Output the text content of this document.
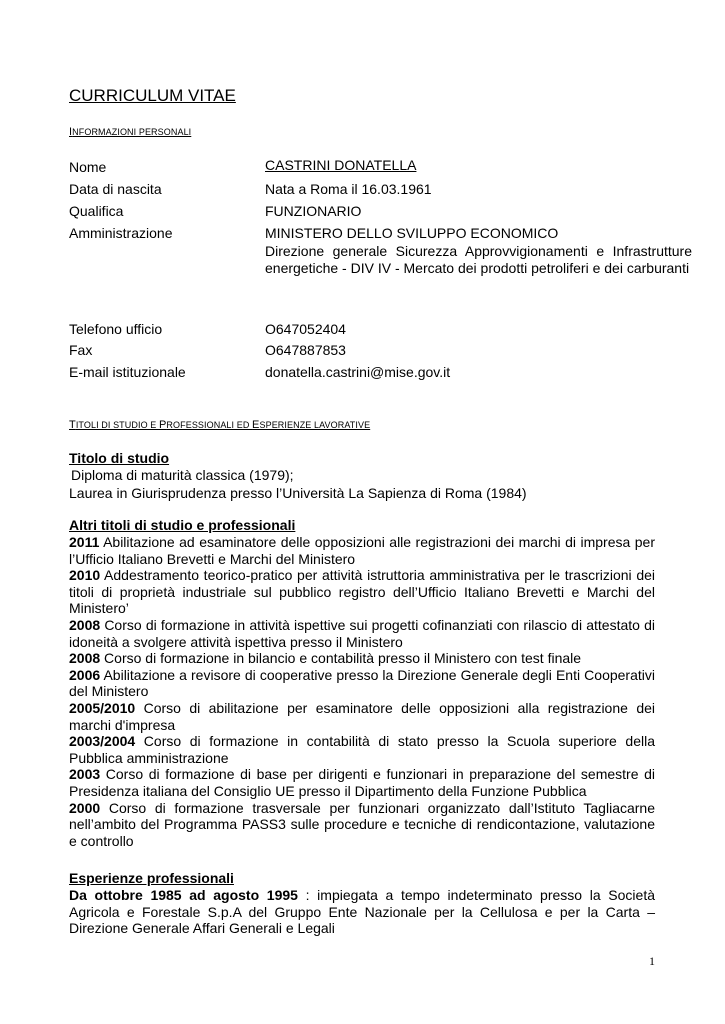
CURRICULUM VITAE
INFORMAZIONI PERSONALI
Nome	CASTRINI DONATELLA
Data di nascita	Nata a Roma il 16.03.1961
Qualifica	FUNZIONARIO
Amministrazione	MINISTERO DELLO SVILUPPO ECONOMICO
Direzione generale Sicurezza Approvvigionamenti e Infrastrutture energetiche - DIV IV - Mercato dei prodotti petroliferi e dei carburanti
Telefono ufficio	O647052404
Fax	O647887853
E-mail istituzionale	donatella.castrini@mise.gov.it
TITOLI DI STUDIO E PROFESSIONALI ED ESPERIENZE LAVORATIVE
Titolo di studio
Diploma di maturità classica (1979);
Laurea in Giurisprudenza presso l’Università La Sapienza di Roma (1984)
Altri titoli di studio e professionali
2011 Abilitazione ad esaminatore delle opposizioni alle registrazioni dei marchi di impresa per l’Ufficio Italiano Brevetti e Marchi del Ministero
2010 Addestramento teorico-pratico per attività istruttoria amministrativa per le trascrizioni dei titoli di proprietà industriale sul pubblico registro dell’Ufficio Italiano Brevetti e Marchi del Ministero’
2008 Corso di formazione in attività ispettive sui progetti cofinanziati con rilascio di attestato di idoneità a svolgere attività ispettiva presso il Ministero
2008 Corso di formazione in bilancio e contabilità presso il Ministero con test finale
2006 Abilitazione a revisore di cooperative presso la Direzione Generale degli Enti Cooperativi del Ministero
2005/2010 Corso di abilitazione per esaminatore delle opposizioni alla registrazione dei marchi d'impresa
2003/2004 Corso di formazione in contabilità di stato presso la Scuola superiore della Pubblica amministrazione
2003 Corso di formazione di base per dirigenti e funzionari in preparazione del semestre di Presidenza italiana del Consiglio UE presso il Dipartimento della Funzione Pubblica
2000 Corso di formazione trasversale per funzionari organizzato dall’Istituto Tagliacarne nell’ambito del Programma PASS3 sulle procedure e tecniche di rendicontazione, valutazione e controllo
Esperienze professionali
Da ottobre 1985 ad agosto 1995 : impiegata a tempo indeterminato presso la Società Agricola e Forestale S.p.A del Gruppo Ente Nazionale per la Cellulosa e per la Carta – Direzione Generale Affari Generali e Legali
1
